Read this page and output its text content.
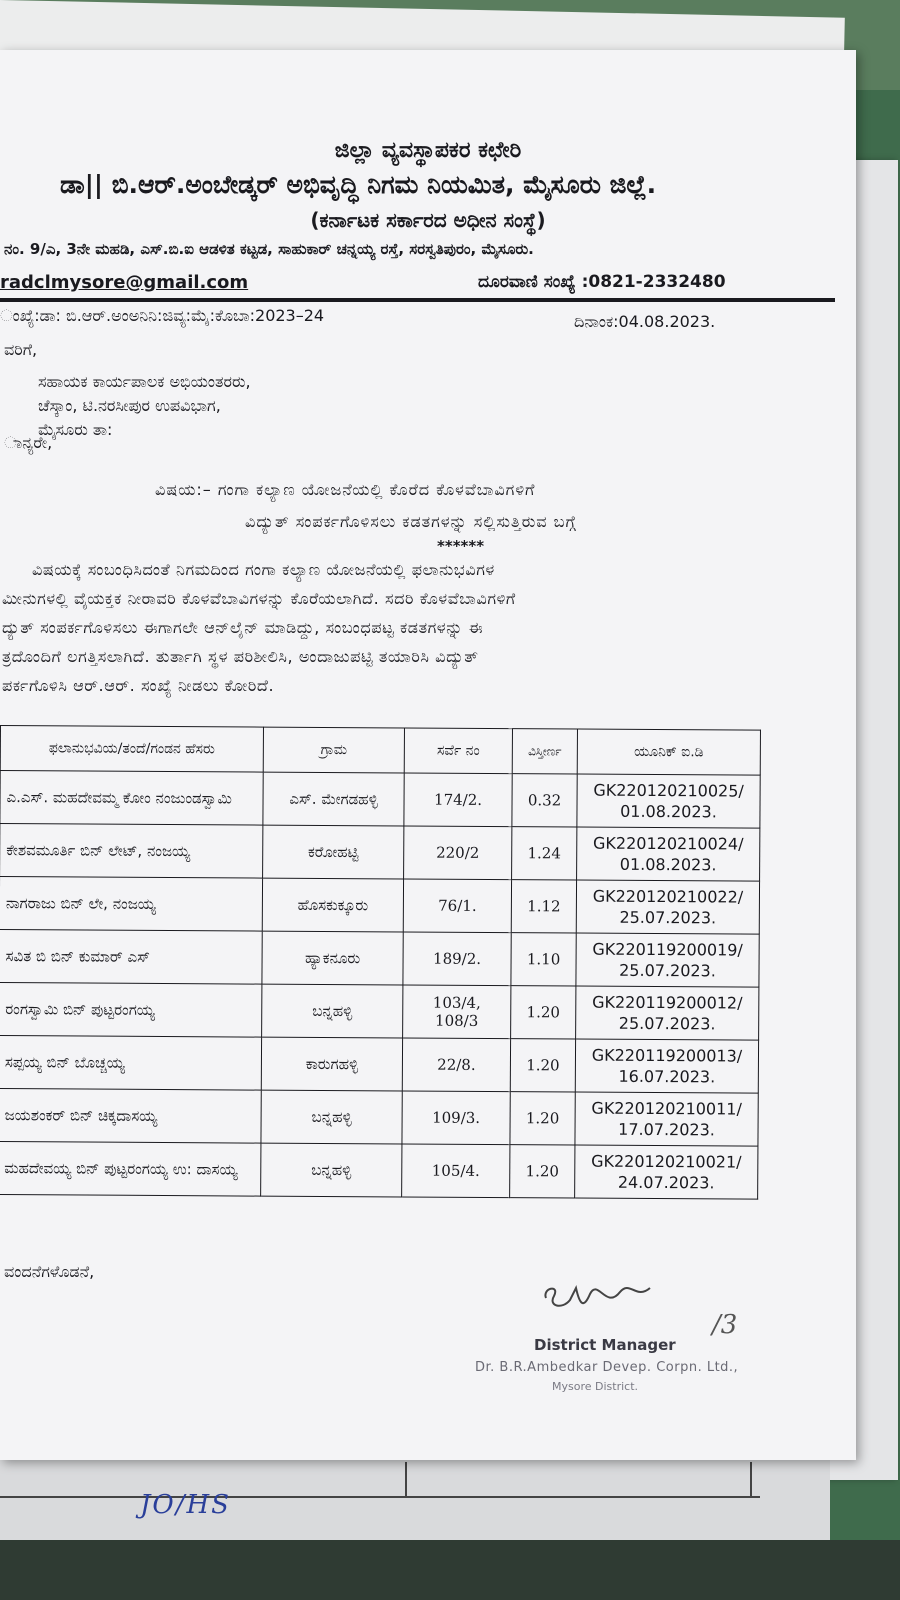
JO/HS
ಜಿಲ್ಲಾ ವ್ಯವಸ್ಥಾಪಕರ ಕಛೇರಿ
ಡಾ|| ಬಿ.ಆರ್.ಅಂಬೇಡ್ಕರ್ ಅಭಿವೃದ್ಧಿ ನಿಗಮ ನಿಯಮಿತ, ಮೈಸೂರು ಜಿಲ್ಲೆ.
(ಕರ್ನಾಟಕ ಸರ್ಕಾರದ ಅಧೀನ ಸಂಸ್ಥೆ)
ನಂ. 9/ಎ, 3ನೇ ಮಹಡಿ, ಎಸ್.ಬಿ.ಐ ಆಡಳಿತ ಕಟ್ಟಡ, ಸಾಹುಕಾರ್ ಚನ್ನಯ್ಯ ರಸ್ತೆ, ಸರಸ್ವತಿಪುರಂ, ಮೈಸೂರು.
radclmysore@gmail.com	ದೂರವಾಣಿ ಸಂಖ್ಯೆ :0821-2332480
ಂಖ್ಯೆ:ಡಾ: ಬಿ.ಆರ್.ಅಂಅನಿನಿ:ಜಿವ್ಯ:ಮೈ:ಕೊಬಾ:2023–24	ದಿನಾಂಕ:04.08.2023.
ವರಿಗೆ,
ಸಹಾಯಕ ಕಾರ್ಯಪಾಲಕ ಅಭಿಯಂತರರು,
ಚೆಸ್ಕಾಂ, ಟಿ.ನರಸೀಪುರ ಉಪವಿಭಾಗ,
ಮೈಸೂರು ತಾ:
ಾನ್ಯರೇ,
ವಿಷಯ:– ಗಂಗಾ ಕಲ್ಯಾಣ ಯೋಜನೆಯಲ್ಲಿ ಕೊರೆದ ಕೊಳವೆಬಾವಿಗಳಿಗೆ
ವಿದ್ಯುತ್ ಸಂಪರ್ಕಗೊಳಿಸಲು ಕಡತಗಳನ್ನು ಸಲ್ಲಿಸುತ್ತಿರುವ ಬಗ್ಗೆ
******
ವಿಷಯಕ್ಕೆ ಸಂಬಂಧಿಸಿದಂತೆ ನಿಗಮದಿಂದ ಗಂಗಾ ಕಲ್ಯಾಣ ಯೋಜನೆಯಲ್ಲಿ ಫಲಾನುಭವಿಗಳ
ಮೀನುಗಳಲ್ಲಿ ವೈಯಕ್ತಕ ನೀರಾವರಿ ಕೊಳವೆಬಾವಿಗಳನ್ನು ಕೊರೆಯಲಾಗಿದೆ. ಸದರಿ ಕೊಳವೆಬಾವಿಗಳಿಗೆ
ದ್ಯುತ್ ಸಂಪರ್ಕಗೊಳಿಸಲು ಈಗಾಗಲೇ ಆನ್‌ಲೈನ್ ಮಾಡಿದ್ದು, ಸಂಬಂಧಪಟ್ಟ ಕಡತಗಳನ್ನು ಈ
ತ್ರದೊಂದಿಗೆ ಲಗತ್ತಿಸಲಾಗಿದೆ. ತುರ್ತಾಗಿ ಸ್ಥಳ ಪರಿಶೀಲಿಸಿ, ಅಂದಾಜುಪಟ್ಟಿ ತಯಾರಿಸಿ ವಿದ್ಯುತ್
ಪರ್ಕಗೊಳಿಸಿ ಆರ್.ಆರ್. ಸಂಖ್ಯೆ ನೀಡಲು ಕೋರಿದೆ.
ಫಲಾನುಭವಿಯ/ತಂದೆ/ಗಂಡನ ಹೆಸರು	ಗ್ರಾಮ	ಸರ್ವೆ ನಂ	ವಿಸ್ತೀರ್ಣ	ಯೂನಿಕ್ ಐ.ಡಿ
ಎ.ಎಸ್. ಮಹದೇವಮ್ಮ ಕೋಂ ನಂಜುಂಡಸ್ವಾಮಿ	ಎಸ್. ಮೇಗಡಹಳ್ಳಿ	174/2.	0.32	GK220120210025/
01.08.2023.

ಕೇಶವಮೂರ್ತಿ ಬಿನ್ ಲೇಟ್, ನಂಜಯ್ಯ	ಕರೋಹಟ್ಟಿ	220/2	1.24	GK220120210024/
01.08.2023.

ನಾಗರಾಜು ಬಿನ್ ಲೇ, ನಂಜಯ್ಯ	ಹೊಸಕುಕ್ಕೂರು	76/1.	1.12	GK220120210022/
25.07.2023.

ಸವಿತ ಬಿ ಬಿನ್ ಕುಮಾರ್ ಎಸ್	ಹ್ಯಾಕನೂರು	189/2.	1.10	GK220119200019/
25.07.2023.

ರಂಗಸ್ವಾಮಿ ಬಿನ್ ಪುಟ್ಟರಂಗಯ್ಯ	ಬನ್ನಹಳ್ಳಿ	103/4, 108/3	1.20	GK220119200012/
25.07.2023.

ಸಪ್ಪಯ್ಯ ಬಿನ್ ಬೊಚ್ಚಯ್ಯ	ಕಾರುಗಹಳ್ಳಿ	22/8.	1.20	GK220119200013/
16.07.2023.

ಜಯಶಂಕರ್ ಬಿನ್ ಚಿಕ್ಕದಾಸಯ್ಯ	ಬನ್ನಹಳ್ಳಿ	109/3.	1.20	GK220120210011/
17.07.2023.

ಮಹದೇವಯ್ಯ ಬಿನ್ ಪುಟ್ಟರಂಗಯ್ಯ ಉ: ದಾಸಯ್ಯ	ಬನ್ನಹಳ್ಳಿ	105/4.	1.20	GK220120210021/
24.07.2023.
ವಂದನೆಗಳೊಡನೆ,
/3
District Manager
Dr. B.R.Ambedkar Devep. Corpn. Ltd.,
Mysore District.
